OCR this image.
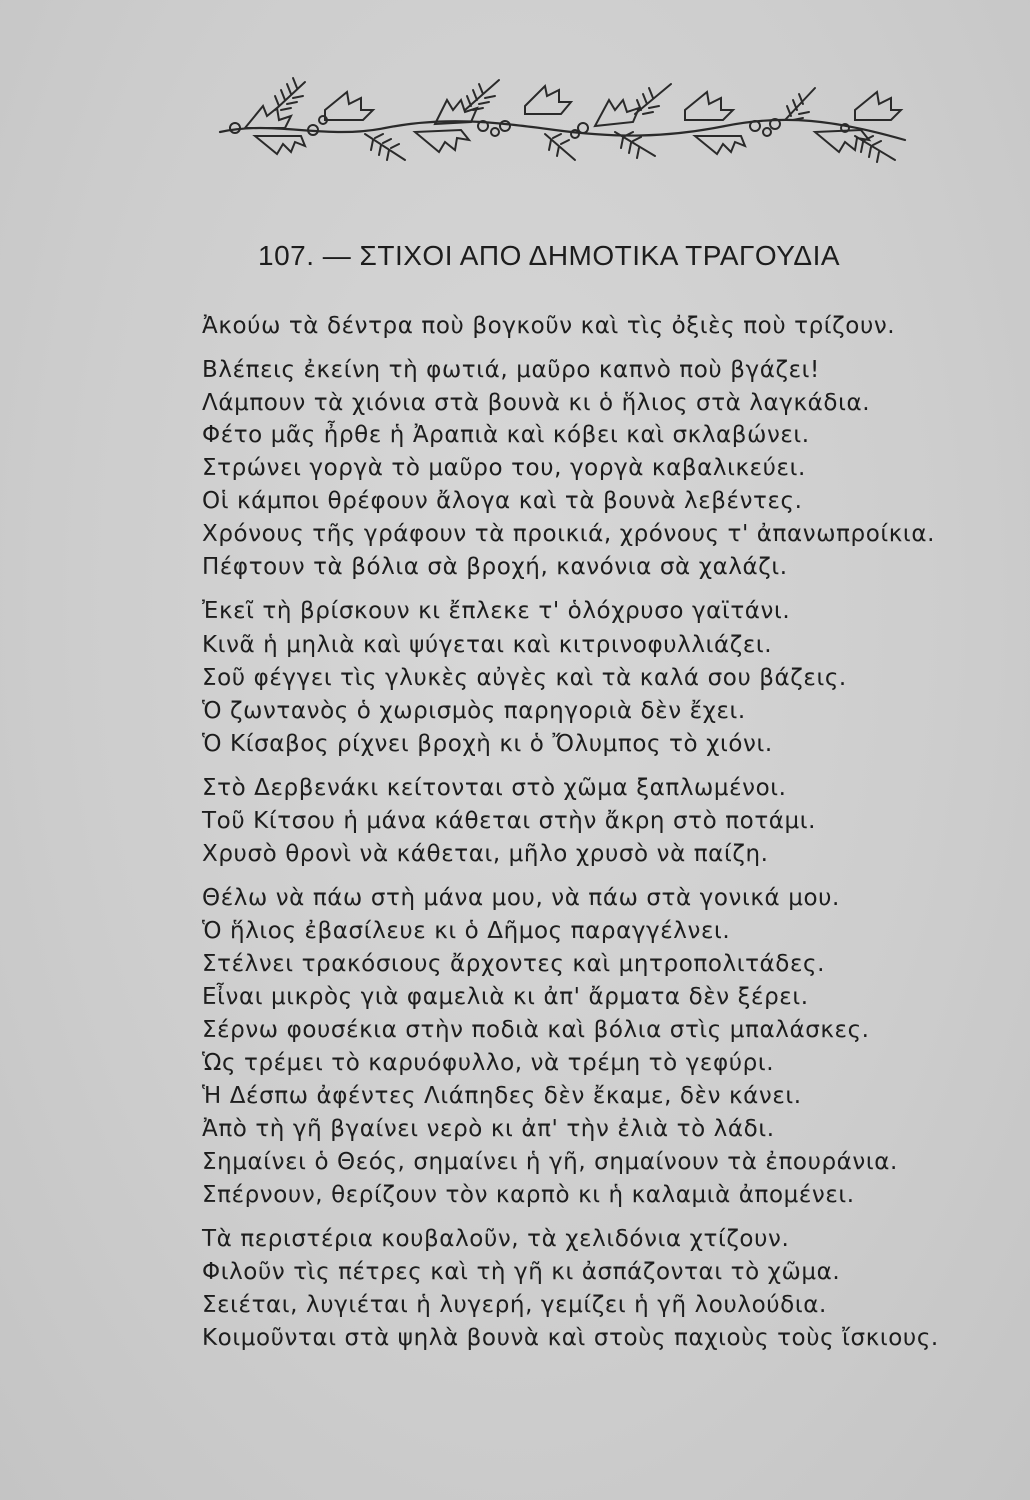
107. — ΣΤΙΧΟΙ ΑΠΟ ΔΗΜΟΤΙΚΑ ΤΡΑΓΟΥΔΙΑ
Ἀκούω τὰ δέντρα ποὺ βογκοῦν καὶ τὶς ὀξιὲς ποὺ τρίζουν.
Βλέπεις ἐκείνη τὴ φωτιά, μαῦρο καπνὸ ποὺ βγάζει!
Λάμπουν τὰ χιόνια στὰ βουνὰ κι ὁ ἥλιος στὰ λαγκάδια.
Φέτο μᾶς ἦρθε ἡ Ἀραπιὰ καὶ κόβει καὶ σκλαβώνει.
Στρώνει γοργὰ τὸ μαῦρο του, γοργὰ καβαλικεύει.
Οἱ κάμποι θρέφουν ἄλογα καὶ τὰ βουνὰ λεβέντες.
Χρόνους τῆς γράφουν τὰ προικιά, χρόνους τ' ἀπανωπροίκια.
Πέφτουν τὰ βόλια σὰ βροχή, κανόνια σὰ χαλάζι.
Ἐκεῖ τὴ βρίσκουν κι ἔπλεκε τ' ὁλόχρυσο γαϊτάνι.
Κινᾶ ἡ μηλιὰ καὶ ψύγεται καὶ κιτρινοφυλλιάζει.
Σοῦ φέγγει τὶς γλυκὲς αὐγὲς καὶ τὰ καλά σου βάζεις.
Ὁ ζωντανὸς ὁ χωρισμὸς παρηγοριὰ δὲν ἔχει.
Ὁ Κίσαβος ρίχνει βροχὴ κι ὁ Ὄλυμπος τὸ χιόνι.
Στὸ Δερβενάκι κείτονται στὸ χῶμα ξαπλωμένοι.
Τοῦ Κίτσου ἡ μάνα κάθεται στὴν ἄκρη στὸ ποτάμι.
Χρυσὸ θρονὶ νὰ κάθεται, μῆλο χρυσὸ νὰ παίζη.
Θέλω νὰ πάω στὴ μάνα μου, νὰ πάω στὰ γονικά μου.
Ὁ ἥλιος ἐβασίλευε κι ὁ Δῆμος παραγγέλνει.
Στέλνει τρακόσιους ἄρχοντες καὶ μητροπολιτάδες.
Εἶναι μικρὸς γιὰ φαμελιὰ κι ἀπ' ἄρματα δὲν ξέρει.
Σέρνω φουσέκια στὴν ποδιὰ καὶ βόλια στὶς μπαλάσκες.
Ὡς τρέμει τὸ καρυόφυλλο, νὰ τρέμη τὸ γεφύρι.
Ἡ Δέσπω ἀφέντες Λιάπηδες δὲν ἔκαμε, δὲν κάνει.
Ἀπὸ τὴ γῆ βγαίνει νερὸ κι ἀπ' τὴν ἐλιὰ τὸ λάδι.
Σημαίνει ὁ Θεός, σημαίνει ἡ γῆ, σημαίνουν τὰ ἐπουράνια.
Σπέρνουν, θερίζουν τὸν καρπὸ κι ἡ καλαμιὰ ἀπομένει.
Τὰ περιστέρια κουβαλοῦν, τὰ χελιδόνια χτίζουν.
Φιλοῦν τὶς πέτρες καὶ τὴ γῆ κι ἀσπάζονται τὸ χῶμα.
Σειέται, λυγιέται ἡ λυγερή, γεμίζει ἡ γῆ λουλούδια.
Κοιμοῦνται στὰ ψηλὰ βουνὰ καὶ στοὺς παχιοὺς τοὺς ἴσκιους.
